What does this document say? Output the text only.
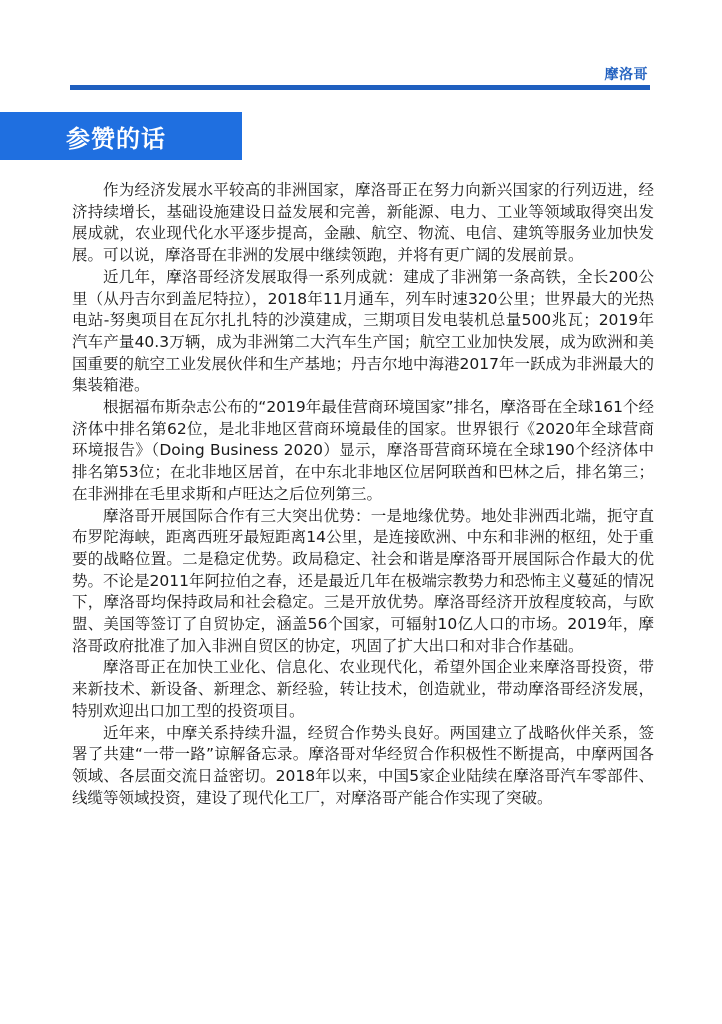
摩洛哥
参赞的话

作为经济发展水平较高的非洲国家，摩洛哥正在努力向新兴国家的行列迈进，经济持续增长，基础设施建设日益发展和完善，新能源、电力、工业等领域取得突出发展成就，农业现代化水平逐步提高，金融、航空、物流、电信、建筑等服务业加快发展。可以说，摩洛哥在非洲的发展中继续领跑，并将有更广阔的发展前景。

近几年，摩洛哥经济发展取得一系列成就：建成了非洲第一条高铁，全长200公里（从丹吉尔到盖尼特拉），2018年11月通车，列车时速320公里；世界最大的光热电站-努奥项目在瓦尔扎扎特的沙漠建成，三期项目发电装机总量500兆瓦；2019年汽车产量40.3万辆，成为非洲第二大汽车生产国；航空工业加快发展，成为欧洲和美国重要的航空工业发展伙伴和生产基地；丹吉尔地中海港2017年一跃成为非洲最大的集装箱港。

根据福布斯杂志公布的“2019年最佳营商环境国家”排名，摩洛哥在全球161个经济体中排名第62位，是北非地区营商环境最佳的国家。世界银行《2020年全球营商环境报告》（Doing Business 2020）显示，摩洛哥营商环境在全球190个经济体中排名第53位；在北非地区居首，在中东北非地区位居阿联酋和巴林之后，排名第三；在非洲排在毛里求斯和卢旺达之后位列第三。

摩洛哥开展国际合作有三大突出优势：一是地缘优势。地处非洲西北端，扼守直布罗陀海峡，距离西班牙最短距离14公里，是连接欧洲、中东和非洲的枢纽，处于重要的战略位置。二是稳定优势。政局稳定、社会和谐是摩洛哥开展国际合作最大的优势。不论是2011年阿拉伯之春，还是最近几年在极端宗教势力和恐怖主义蔓延的情况下，摩洛哥均保持政局和社会稳定。三是开放优势。摩洛哥经济开放程度较高，与欧盟、美国等签订了自贸协定，涵盖56个国家，可辐射10亿人口的市场。2019年，摩洛哥政府批准了加入非洲自贸区的协定，巩固了扩大出口和对非合作基础。

摩洛哥正在加快工业化、信息化、农业现代化，希望外国企业来摩洛哥投资，带来新技术、新设备、新理念、新经验，转让技术，创造就业，带动摩洛哥经济发展，特别欢迎出口加工型的投资项目。

近年来，中摩关系持续升温，经贸合作势头良好。两国建立了战略伙伴关系，签署了共建“一带一路”谅解备忘录。摩洛哥对华经贸合作积极性不断提高，中摩两国各领域、各层面交流日益密切。2018年以来，中国5家企业陆续在摩洛哥汽车零部件、线缆等领域投资，建设了现代化工厂，对摩洛哥产能合作实现了突破。
